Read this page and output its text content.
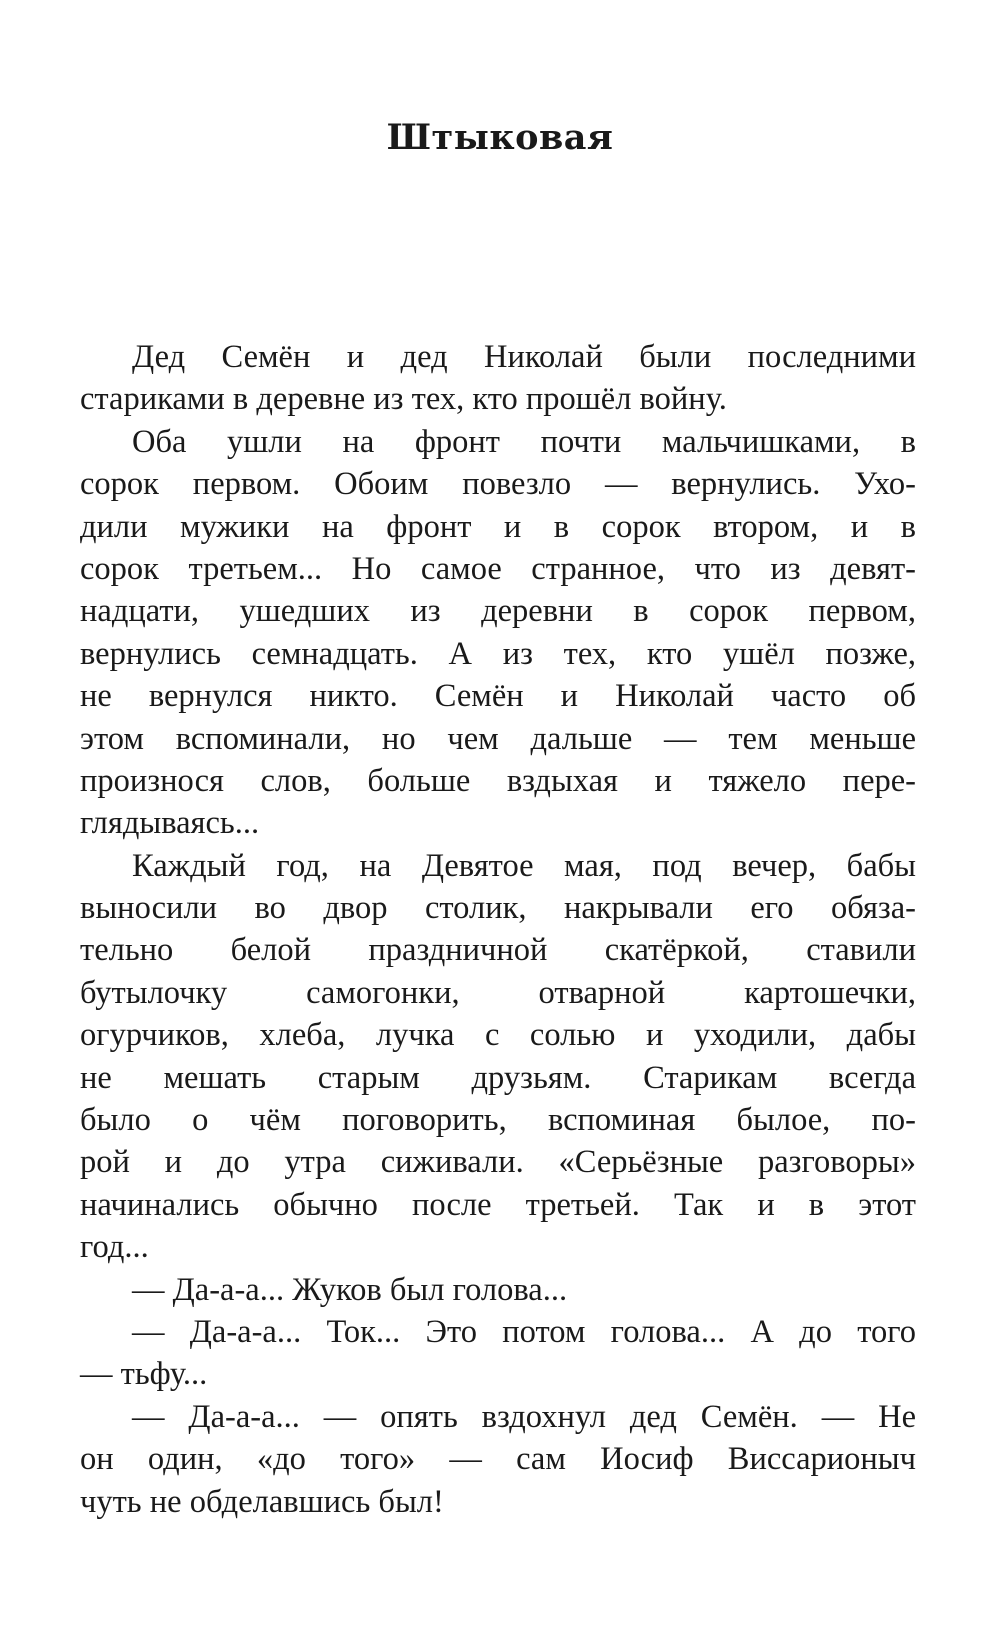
Штыковая
Дед Семён и дед Николай были последними
стариками в деревне из тех, кто прошёл войну.
Оба ушли на фронт почти мальчишками, в
сорок первом. Обоим повезло — вернулись. Ухо-
дили мужики на фронт и в сорок втором, и в
сорок третьем... Но самое странное, что из девят-
надцати, ушедших из деревни в сорок первом,
вернулись семнадцать. А из тех, кто ушёл позже,
не вернулся никто. Семён и Николай часто об
этом вспоминали, но чем дальше — тем меньше
произнося слов, больше вздыхая и тяжело пере-
глядываясь...
Каждый год, на Девятое мая, под вечер, бабы
выносили во двор столик, накрывали его обяза-
тельно белой праздничной скатёркой, ставили
бутылочку самогонки, отварной картошечки,
огурчиков, хлеба, лучка с солью и уходили, дабы
не мешать старым друзьям. Старикам всегда
было о чём поговорить, вспоминая былое, по-
рой и до утра сиживали. «Серьёзные разговоры»
начинались обычно после третьей. Так и в этот
год...
— Да-а-а... Жуков был голова...
— Да-а-а... Ток... Это потом голова... А до того
— тьфу...
— Да-а-а... — опять вздохнул дед Семён. — Не
он один, «до того» — сам Иосиф Виссарионыч
чуть не обделавшись был!
